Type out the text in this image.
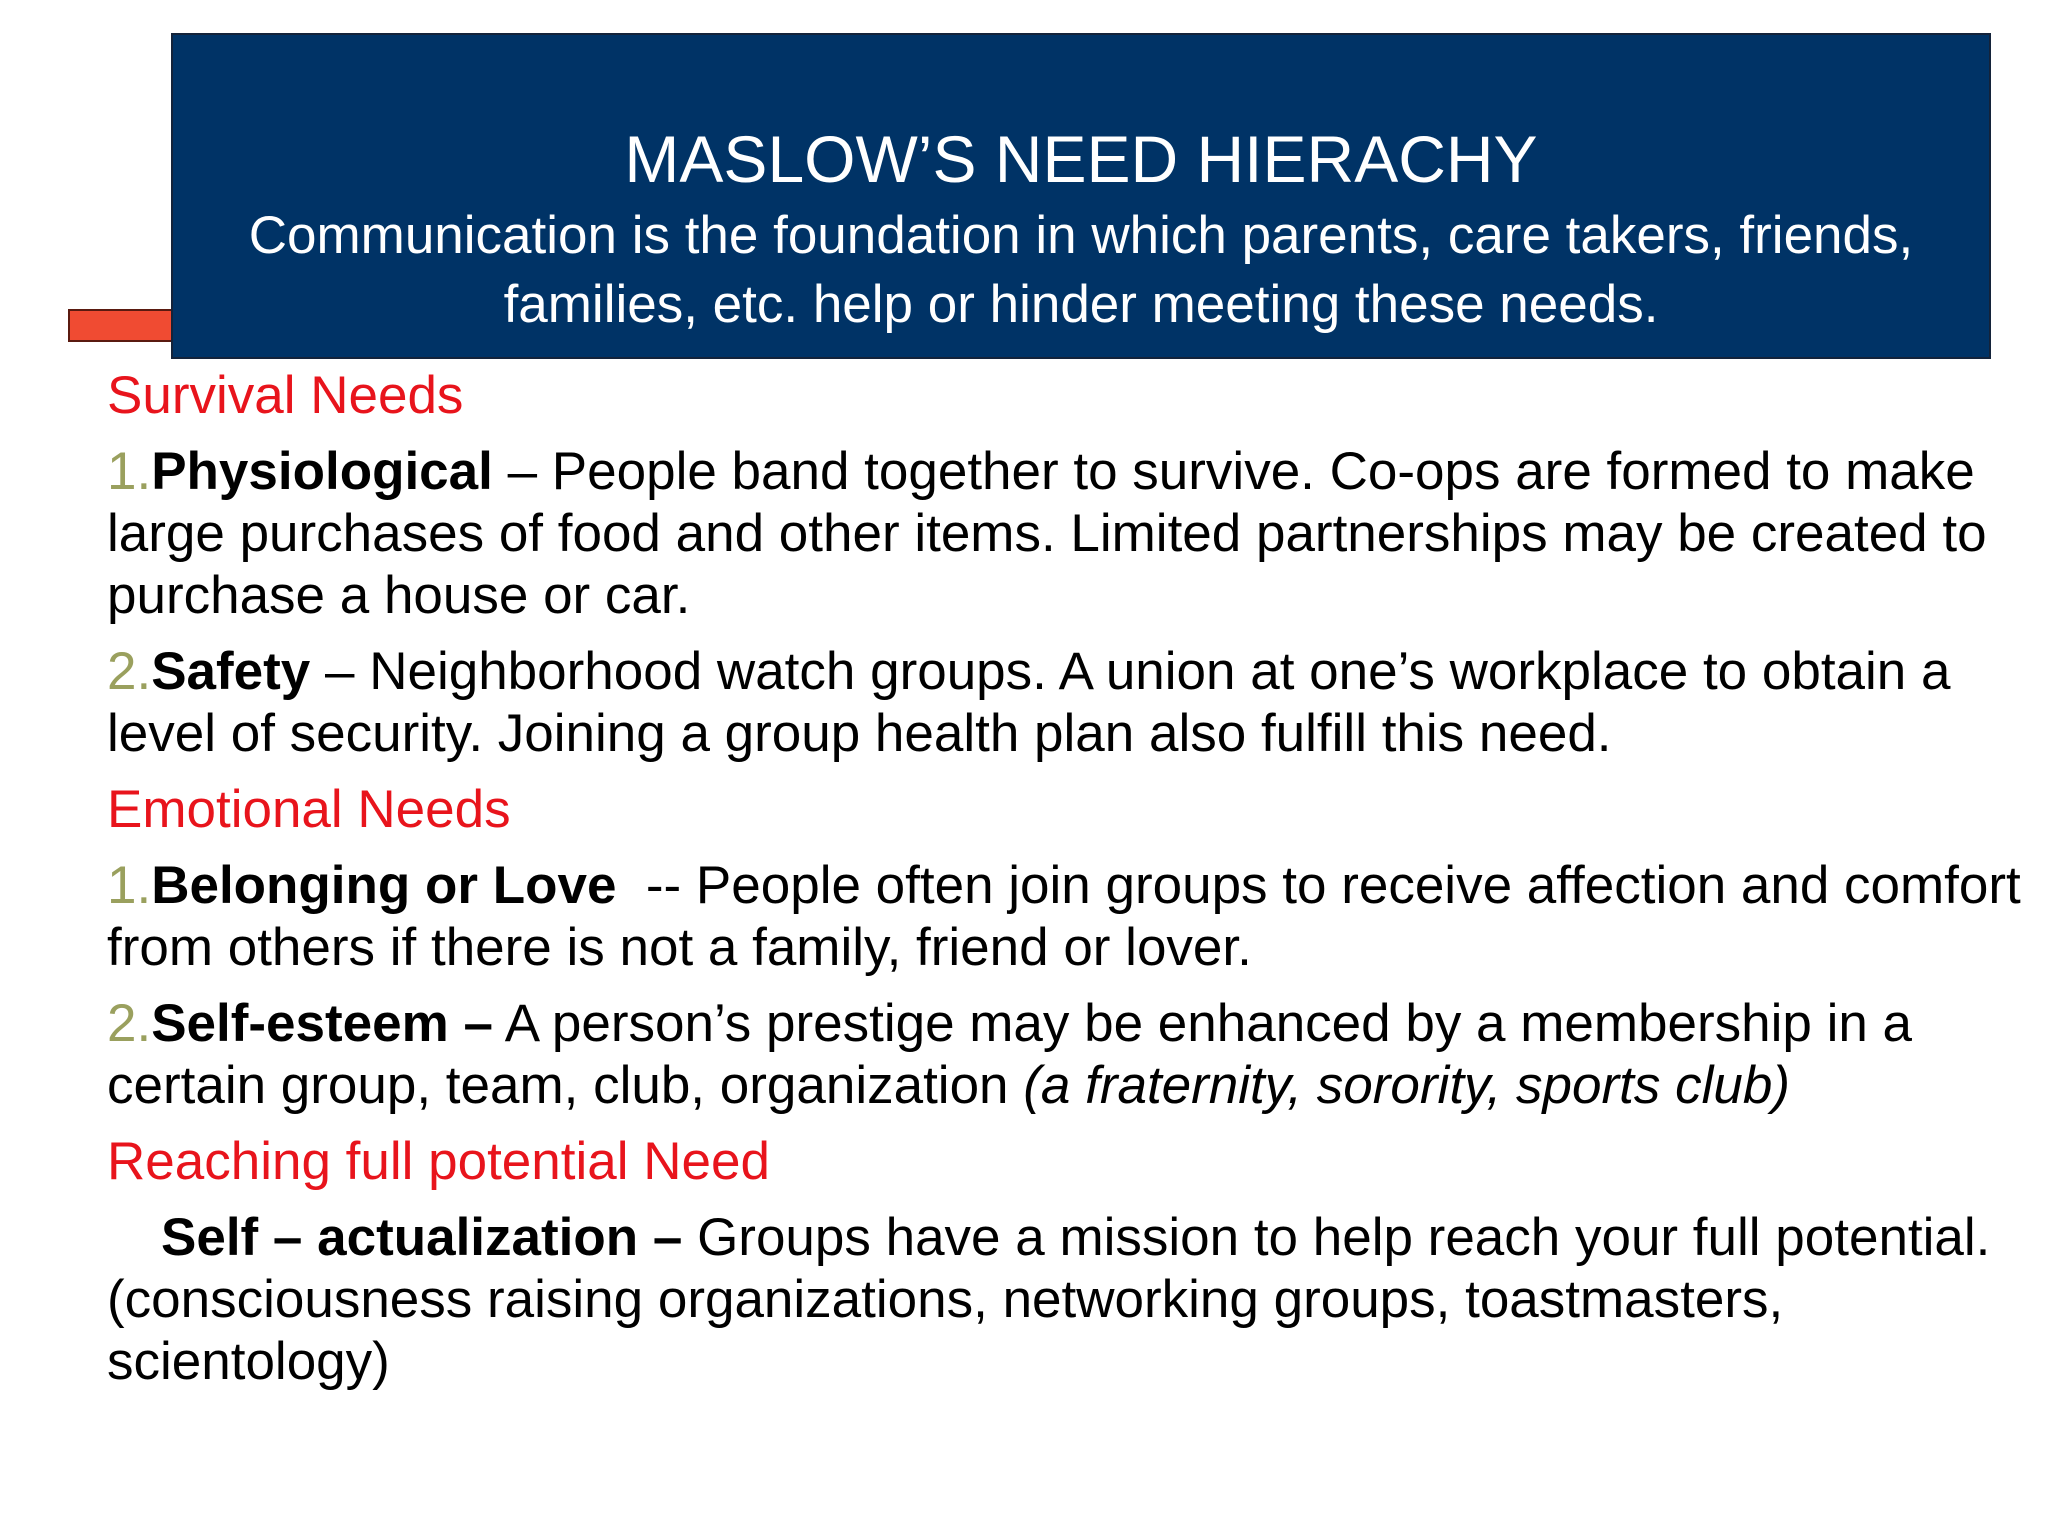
MASLOW’S NEED HIERACHY
Communication is the foundation in which parents, care takers, friends, families, etc. help or hinder meeting these needs.
Survival Needs
1.Physiological – People band together to survive. Co-ops are formed to make large purchases of food and other items. Limited partnerships may be created to purchase a house or car.
2.Safety – Neighborhood watch groups. A union at one’s workplace to obtain a level of security. Joining a group health plan also fulfill this need.
Emotional Needs
1.Belonging or Love  -- People often join groups to receive affection and comfort from others if there is not a family, friend or lover.
2.Self-esteem – A person’s prestige may be enhanced by a membership in a certain group, team, club, organization (a fraternity, sorority, sports club)
Reaching full potential Need
Self – actualization – Groups have a mission to help reach your full potential. (consciousness raising organizations, networking groups, toastmasters, scientology)
